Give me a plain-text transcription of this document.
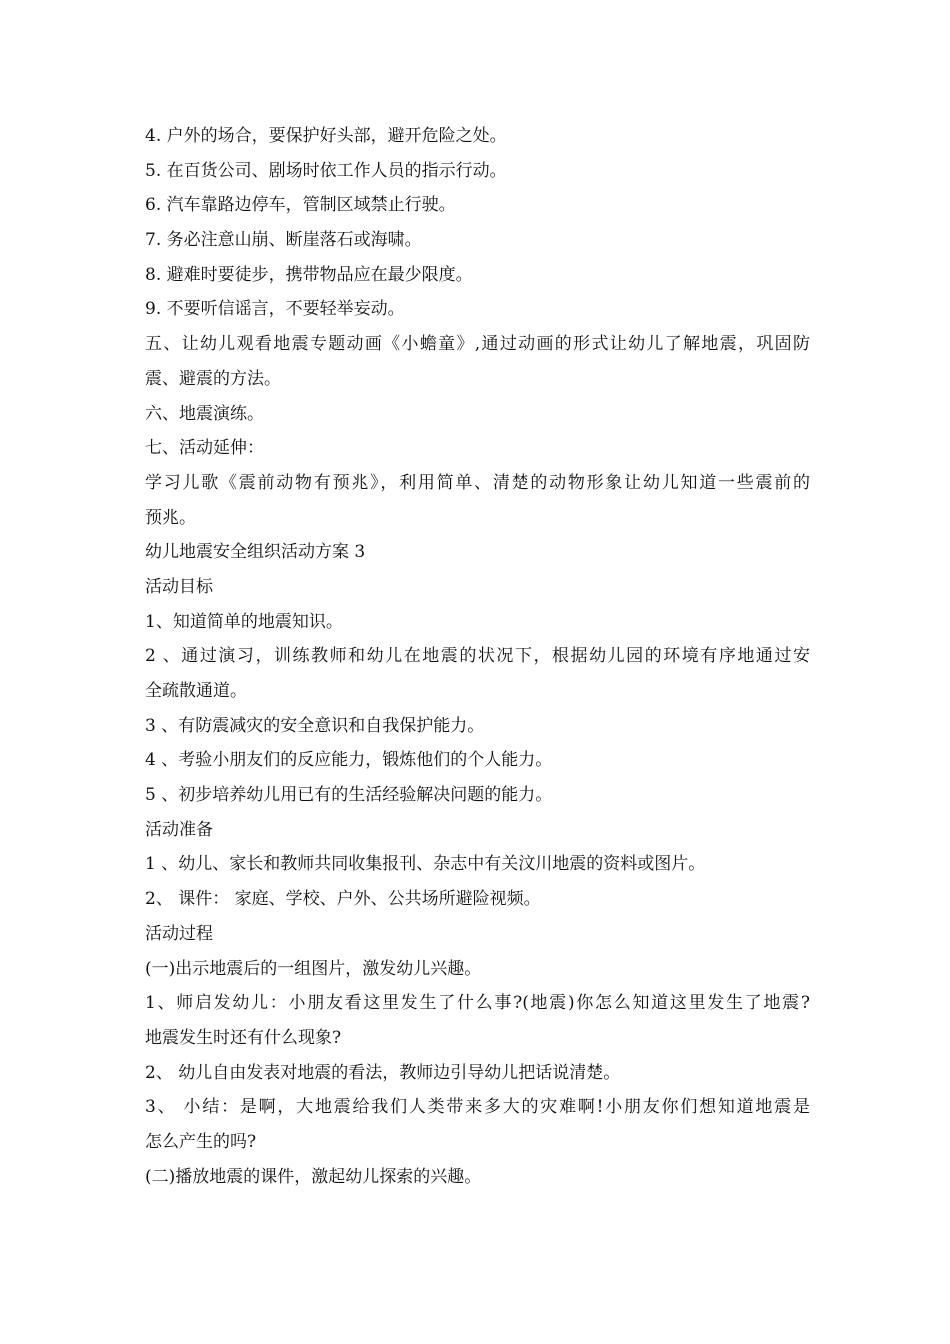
4. 户外的场合，要保护好头部，避开危险之处。
5. 在百货公司、剧场时依工作人员的指示行动。
6. 汽车靠路边停车，管制区域禁止行驶。
7. 务必注意山崩、断崖落石或海啸。
8. 避难时要徒步，携带物品应在最少限度。
9. 不要听信谣言，不要轻举妄动。
五、让幼儿观看地震专题动画《小蟾童》,通过动画的形式让幼儿了解地震，巩固防
震、避震的方法。
六、地震演练。
七、活动延伸：
学习儿歌《震前动物有预兆》，利用简单、清楚的动物形象让幼儿知道一些震前的
预兆。
幼儿地震安全组织活动方案 3
活动目标
1、知道简单的地震知识。
2 、通过演习，训练教师和幼儿在地震的状况下，根据幼儿园的环境有序地通过安
全疏散通道。
3 、有防震减灾的安全意识和自我保护能力。
4 、考验小朋友们的反应能力，锻炼他们的个人能力。
5 、初步培养幼儿用已有的生活经验解决问题的能力。
活动准备
1 、幼儿、家长和教师共同收集报刊、杂志中有关汶川地震的资料或图片。
2、 课件： 家庭、学校、户外、公共场所避险视频。
活动过程
(一)出示地震后的一组图片，激发幼儿兴趣。
1、师启发幼儿：小朋友看这里发生了什么事?(地震)你怎么知道这里发生了地震?
地震发生时还有什么现象?
2、 幼儿自由发表对地震的看法，教师边引导幼儿把话说清楚。
3、 小结：是啊，大地震给我们人类带来多大的灾难啊!小朋友你们想知道地震是
怎么产生的吗?
(二)播放地震的课件，激起幼儿探索的兴趣。
